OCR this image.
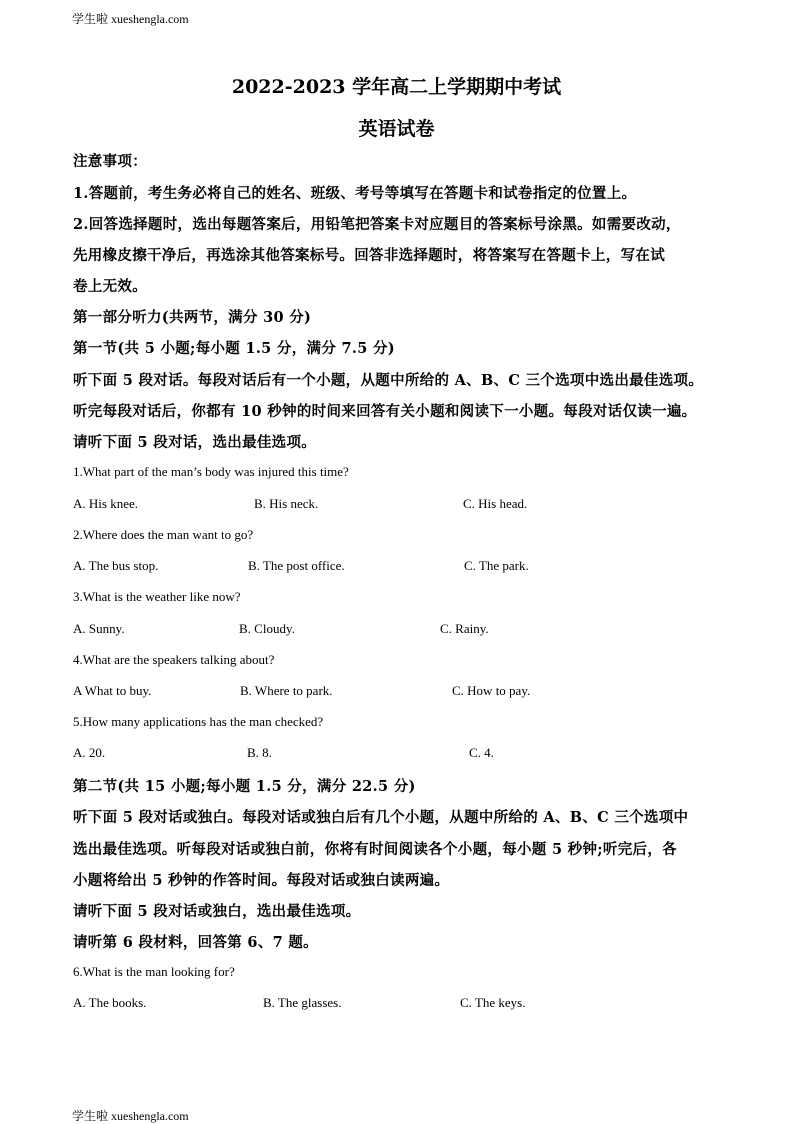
学生啦 xueshengla.com
2022-2023 学年高二上学期期中考试
英语试卷
注意事项：
1.答题前，考生务必将自己的姓名、班级、考号等填写在答题卡和试卷指定的位置上。
2.回答选择题时，选出每题答案后，用铅笔把答案卡对应题目的答案标号涂黑。如需要改动，
先用橡皮擦干净后，再选涂其他答案标号。回答非选择题时，将答案写在答题卡上，写在试
卷上无效。
第一部分听力(共两节，满分 30 分)
第一节(共 5 小题;每小题 1.5 分，满分 7.5 分)
听下面 5 段对话。每段对话后有一个小题，从题中所给的 A、B、C 三个选项中选出最佳选项。
听完每段对话后，你都有 10 秒钟的时间来回答有关小题和阅读下一小题。每段对话仅读一遍。
请听下面 5 段对话，选出最佳选项。
1.What part of the man’s body was injured this time?
A. His knee.	B. His neck.	C. His head.
2.Where does the man want to go?
A. The bus stop.	B. The post office.	C. The park.
3.What is the weather like now?
A. Sunny.	B. Cloudy.	C. Rainy.
4.What are the speakers talking about?
A What to buy.	B. Where to park.	C. How to pay.
5.How many applications has the man checked?
A. 20.	B. 8.	C. 4.
第二节(共 15 小题;每小题 1.5 分，满分 22.5 分)
听下面 5 段对话或独白。每段对话或独白后有几个小题，从题中所给的 A、B、C 三个选项中
选出最佳选项。听每段对话或独白前，你将有时间阅读各个小题，每小题 5 秒钟;听完后，各
小题将给出 5 秒钟的作答时间。每段对话或独白读两遍。
请听下面 5 段对话或独白，选出最佳选项。
请听第 6 段材料，回答第 6、7 题。
6.What is the man looking for?
A. The books.	B. The glasses.	C. The keys.
学生啦 xueshengla.com
